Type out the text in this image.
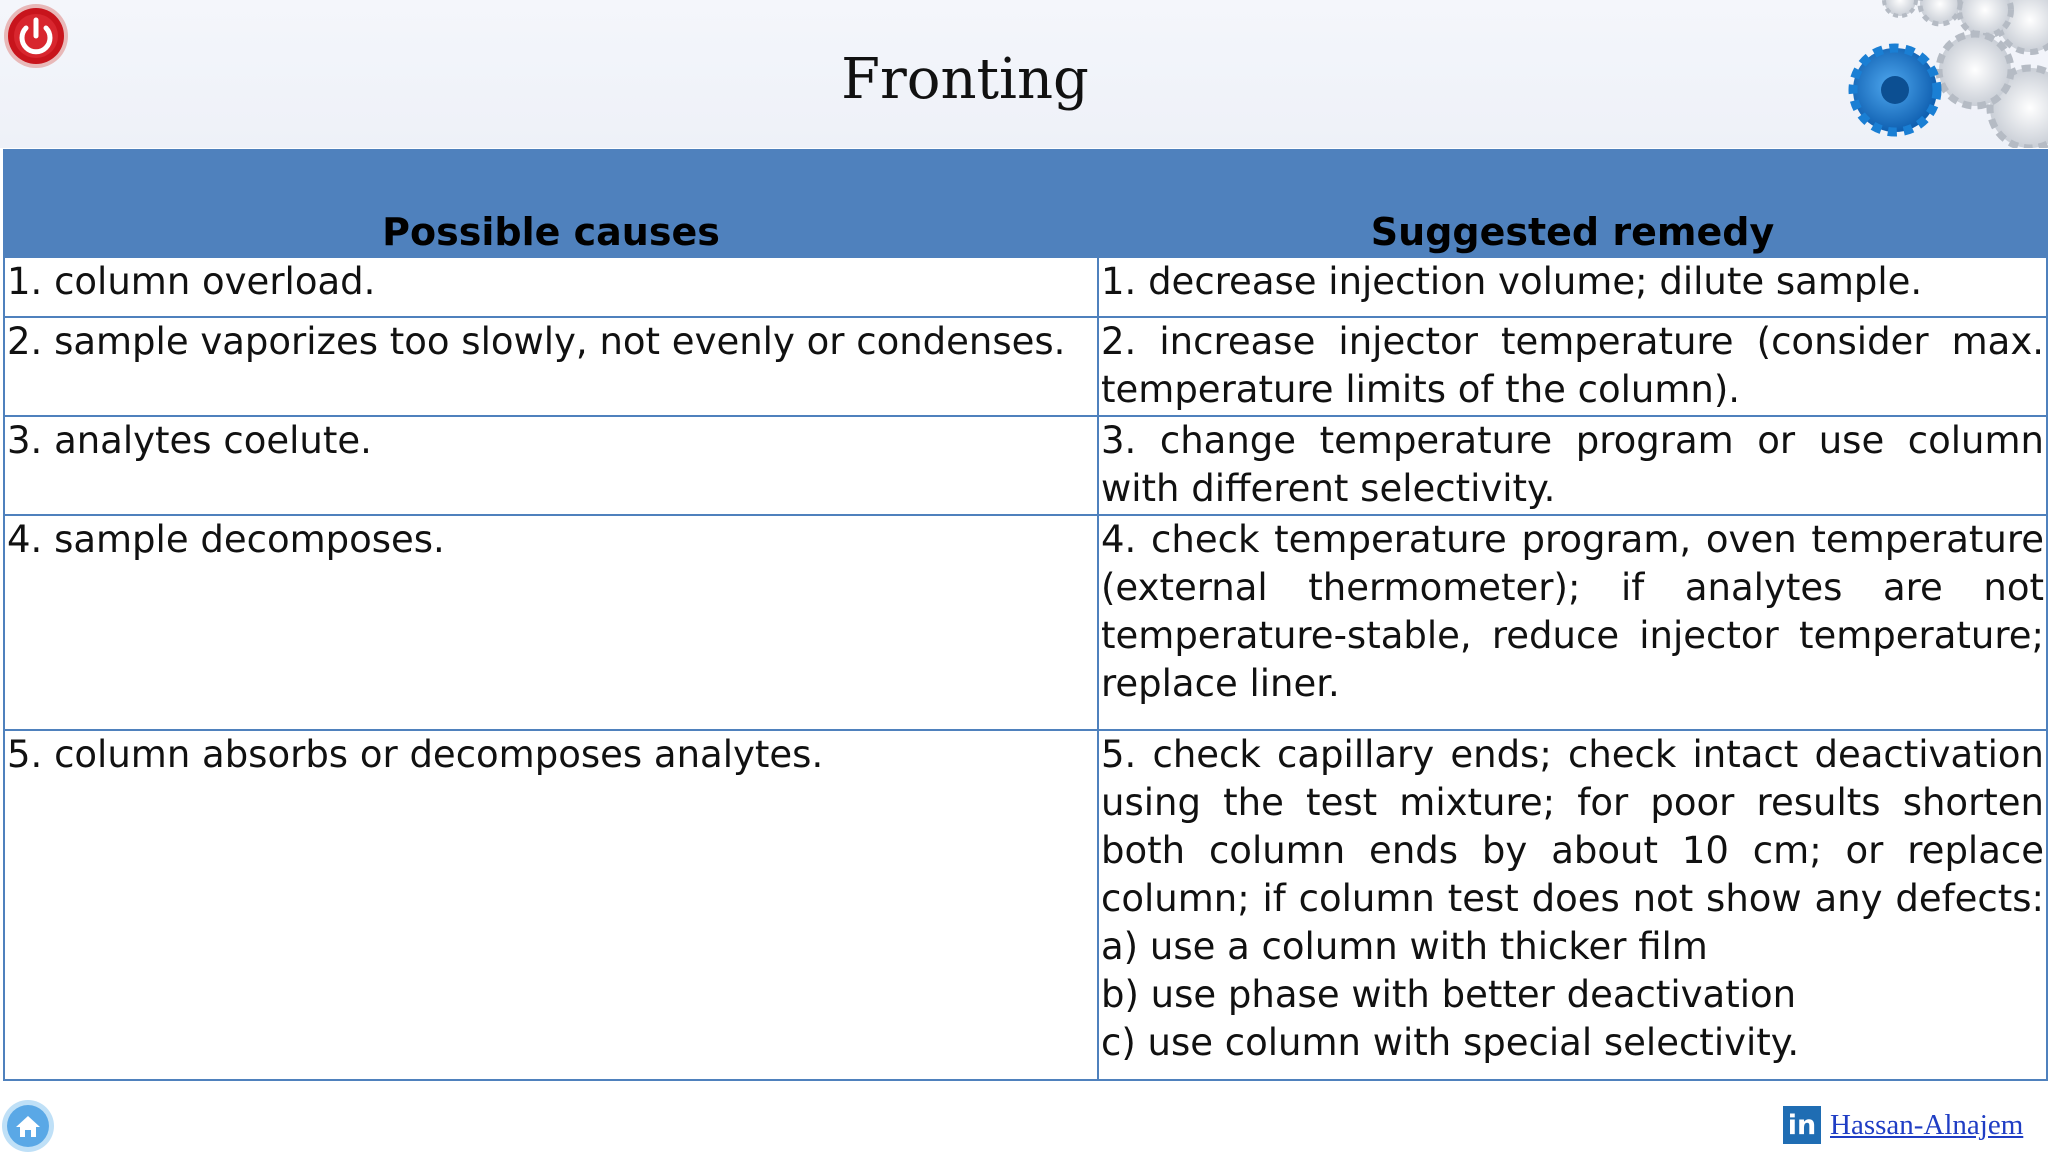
Fronting
Possible causes	Suggested remedy
1. column overload.	1. decrease injection volume; dilute sample.
2. sample vaporizes too slowly, not evenly or condenses.	2. increase injector temperature (consider max. temperature limits of the column).
3. analytes coelute.	3. change temperature program or use column with different selectivity.
4. sample decomposes.	4. check temperature program, oven temperature (external thermometer); if analytes are not temperature-stable, reduce injector temperature; replace liner.
5. column absorbs or decomposes analytes.	5. check capillary ends; check intact deactivation using the test mixture; for poor results shorten both column ends by about 10 cm; or replace column; if column test does not show any defects: a) use a column with thicker film
b) use phase with better deactivation
c) use column with special selectivity.
in Hassan-Alnajem
